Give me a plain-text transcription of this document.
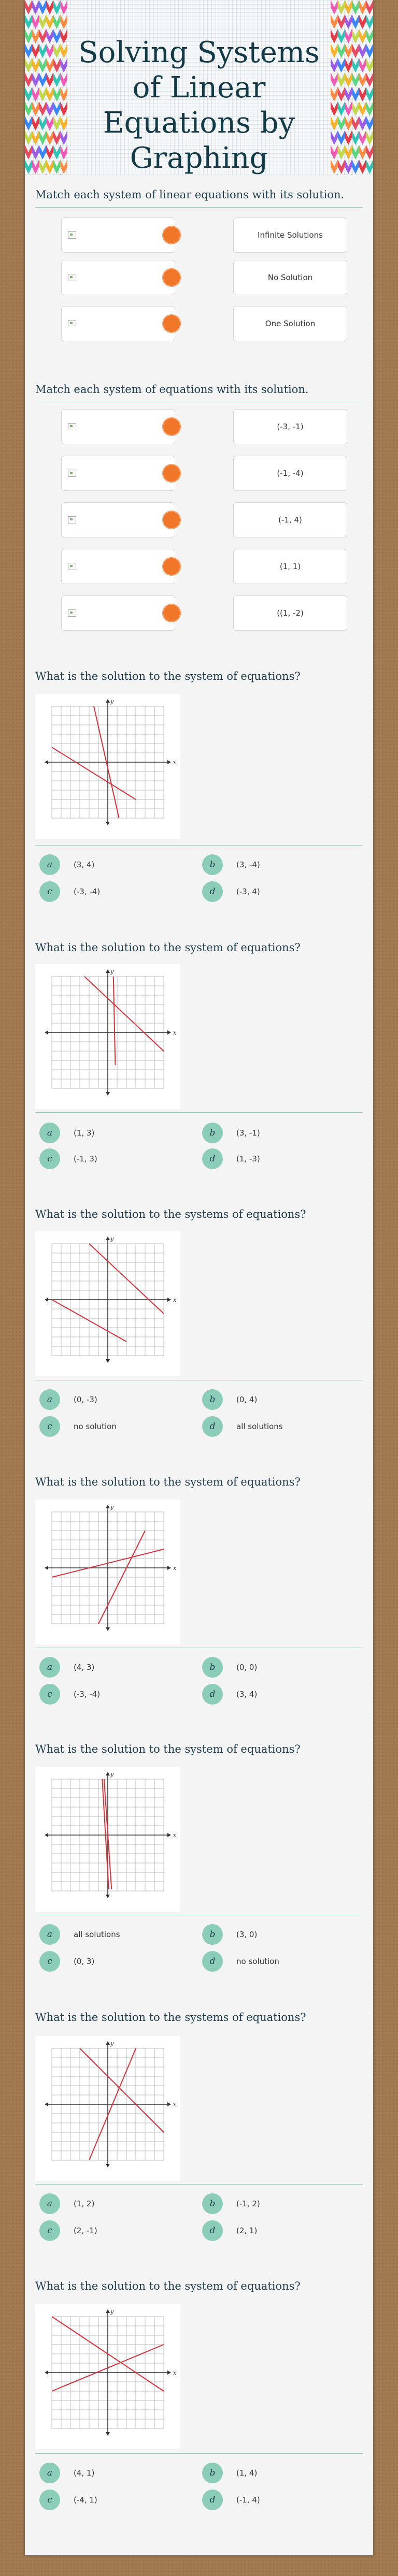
Solving Systems of Linear Equations by Graphing
Match each system of linear equations with its solution.
Infinite Solutions
No Solution
One Solution
Match each system of equations with its solution.
(-3, -1)
(-1, -4)
(-1, 4)
(1, 1)
((1, -2)
What is the solution to the system of equations?
x
y
a	(3, 4)	b	(3, -4)
c	(-3, -4)	d	(-3, 4)
What is the solution to the system of equations?
x
y
a	(1, 3)	b	(3, -1)
c	(-1, 3)	d	(1, -3)
What is the solution to the systems of equations?
x
y
a	(0, -3)	b	(0, 4)
c	no solution	d	all solutions
What is the solution to the system of equations?
x
y
a	(4, 3)	b	(0, 0)
c	(-3, -4)	d	(3, 4)
What is the solution to the system of equations?
x
y
a	all solutions	b	(3, 0)
c	(0, 3)	d	no solution
What is the solution to the systems of equations?
x
y
a	(1, 2)	b	(-1, 2)
c	(2, -1)	d	(2, 1)
What is the solution to the system of equations?
x
y
a	(4, 1)	b	(1, 4)
c	(-4, 1)	d	(-1, 4)
